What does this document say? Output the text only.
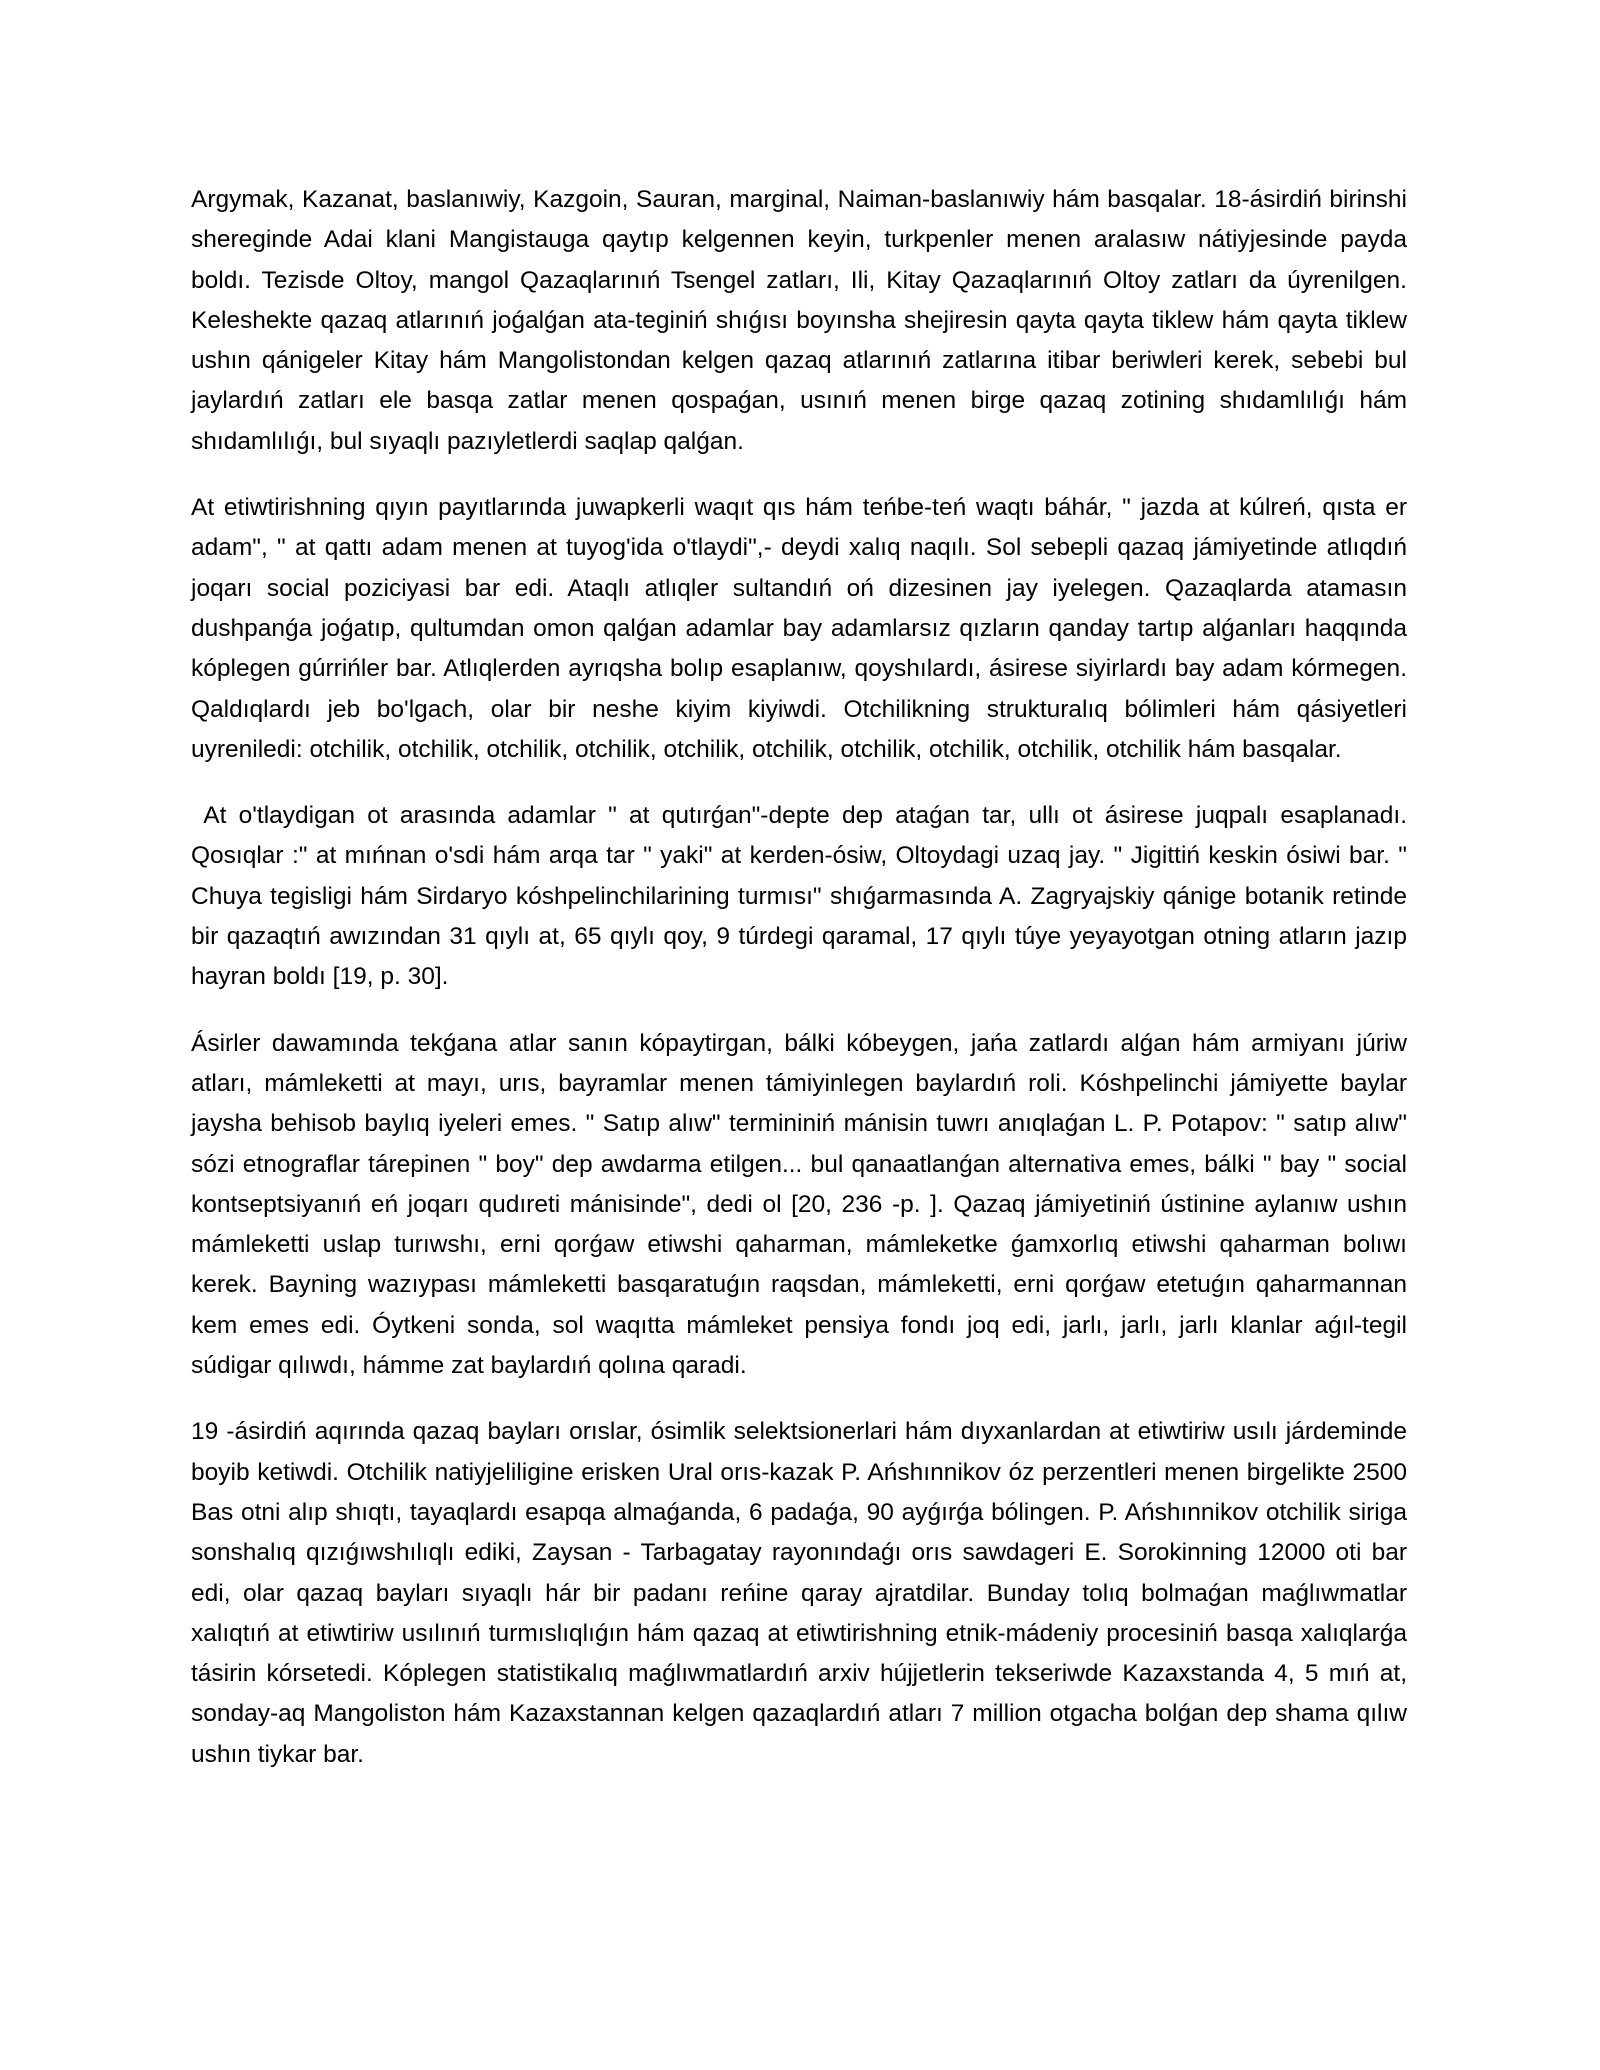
Argymak, Kazanat, baslanıwiy, Kazgoin, Sauran, marginal, Naiman-baslanıwiy hám basqalar. 18-ásirdiń birinshi shereginde Adai klani Mangistauga qaytıp kelgennen keyin, turkpenler menen aralasıw nátiyjesinde payda boldı. Tezisde Oltoy, mangol Qazaqlarınıń Tsengel zatları, Ili, Kitay Qazaqlarınıń Oltoy zatları da úyrenilgen. Keleshekte qazaq atlarınıń joǵalǵan ata-teginiń shıǵısı boyınsha shejiresin qayta qayta tiklew hám qayta tiklew ushın qánigeler Kitay hám Mangolistondan kelgen qazaq atlarınıń zatlarına itibar beriwleri kerek, sebebi bul jaylardıń zatları ele basqa zatlar menen qospaǵan, usınıń menen birge qazaq zotining shıdamlılıǵı hám shıdamlılıǵı, bul sıyaqlı pazıyletlerdi saqlap qalǵan.

At etiwtirishning qıyın payıtlarında juwapkerli waqıt qıs hám teńbe-teń waqtı báhár, " jazda at kúlreń, qısta er adam", " at qattı adam menen at tuyog'ida o'tlaydi",- deydi xalıq naqılı. Sol sebepli qazaq jámiyetinde atlıqdıń joqarı social poziciyasi bar edi. Ataqlı atlıqler sultandıń oń dizesinen jay iyelegen. Qazaqlarda atamasın dushpanǵa joǵatıp, qultumdan omon qalǵan adamlar bay adamlarsız qızların qanday tartıp alǵanları haqqında kóplegen gúrrińler bar. Atlıqlerden ayrıqsha bolıp esaplanıw, qoyshılardı, ásirese siyirlardı bay adam kórmegen. Qaldıqlardı jeb bo'lgach, olar bir neshe kiyim kiyiwdi. Otchilikning strukturalıq bólimleri hám qásiyetleri uyreniledi: otchilik, otchilik, otchilik, otchilik, otchilik, otchilik, otchilik, otchilik, otchilik, otchilik hám basqalar.

At o'tlaydigan ot arasında adamlar " at qutırǵan"-depte dep ataǵan tar, ullı ot ásirese juqpalı esaplanadı. Qosıqlar :" at mıńnan o'sdi hám arqa tar " yaki" at kerden-ósiw, Oltoydagi uzaq jay. " Jigittiń keskin ósiwi bar. " Chuya tegisligi hám Sirdaryo kóshpelinchilarining turmısı" shıǵarmasında A. Zagryajskiy qánige botanik retinde bir qazaqtıń awızından 31 qıylı at, 65 qıylı qoy, 9 túrdegi qaramal, 17 qıylı túye yeyayotgan otning atların jazıp hayran boldı [19, p. 30].

Ásirler dawamında tekǵana atlar sanın kópaytirgan, bálki kóbeygen, jańa zatlardı alǵan hám armiyanı júriw atları, mámleketti at mayı, urıs, bayramlar menen támiyinlegen baylardıń roli. Kóshpelinchi jámiyette baylar jaysha behisob baylıq iyeleri emes. " Satıp alıw" termininiń mánisin tuwrı anıqlaǵan L. P. Potapov: " satıp alıw" sózi etnograflar tárepinen " boy" dep awdarma etilgen... bul qanaatlanǵan alternativa emes, bálki " bay " social kontseptsiyanıń eń joqarı qudıreti mánisinde", dedi ol [20, 236 -p. ]. Qazaq jámiyetiniń ústinine aylanıw ushın mámleketti uslap turıwshı, erni qorǵaw etiwshi qaharman, mámleketke ǵamxorlıq etiwshi qaharman bolıwı kerek. Bayning wazıypası mámleketti basqaratuǵın raqsdan, mámleketti, erni qorǵaw etetuǵın qaharmannan kem emes edi. Óytkeni sonda, sol waqıtta mámleket pensiya fondı joq edi, jarlı, jarlı, jarlı klanlar aǵıl-tegil súdigar qılıwdı, hámme zat baylardıń qolına qaradi.

19 -ásirdiń aqırında qazaq bayları orıslar, ósimlik selektsionerlari hám dıyxanlardan at etiwtiriw usılı járdeminde boyib ketiwdi. Otchilik natiyjeliligine erisken Ural orıs-kazak P. Ańshınnikov óz perzentleri menen birgelikte 2500 Bas otni alıp shıqtı, tayaqlardı esapqa almaǵanda, 6 padaǵa, 90 ayǵırǵa bólingen. P. Ańshınnikov otchilik siriga sonshalıq qızıǵıwshılıqlı ediki, Zaysan - Tarbagatay rayonındaǵı orıs sawdageri E. Sorokinning 12000 oti bar edi, olar qazaq bayları sıyaqlı hár bir padanı reńine qaray ajratdilar. Bunday tolıq bolmaǵan maǵlıwmatlar xalıqtıń at etiwtiriw usılınıń turmıslıqlıǵın hám qazaq at etiwtirishning etnik-mádeniy procesiniń basqa xalıqlarǵa tásirin kórsetedi. Kóplegen statistikalıq maǵlıwmatlardıń arxiv hújjetlerin tekseriwde Kazaxstanda 4, 5 mıń at, sonday-aq Mangoliston hám Kazaxstannan kelgen qazaqlardıń atları 7 million otgacha bolǵan dep shama qılıw ushın tiykar bar.
